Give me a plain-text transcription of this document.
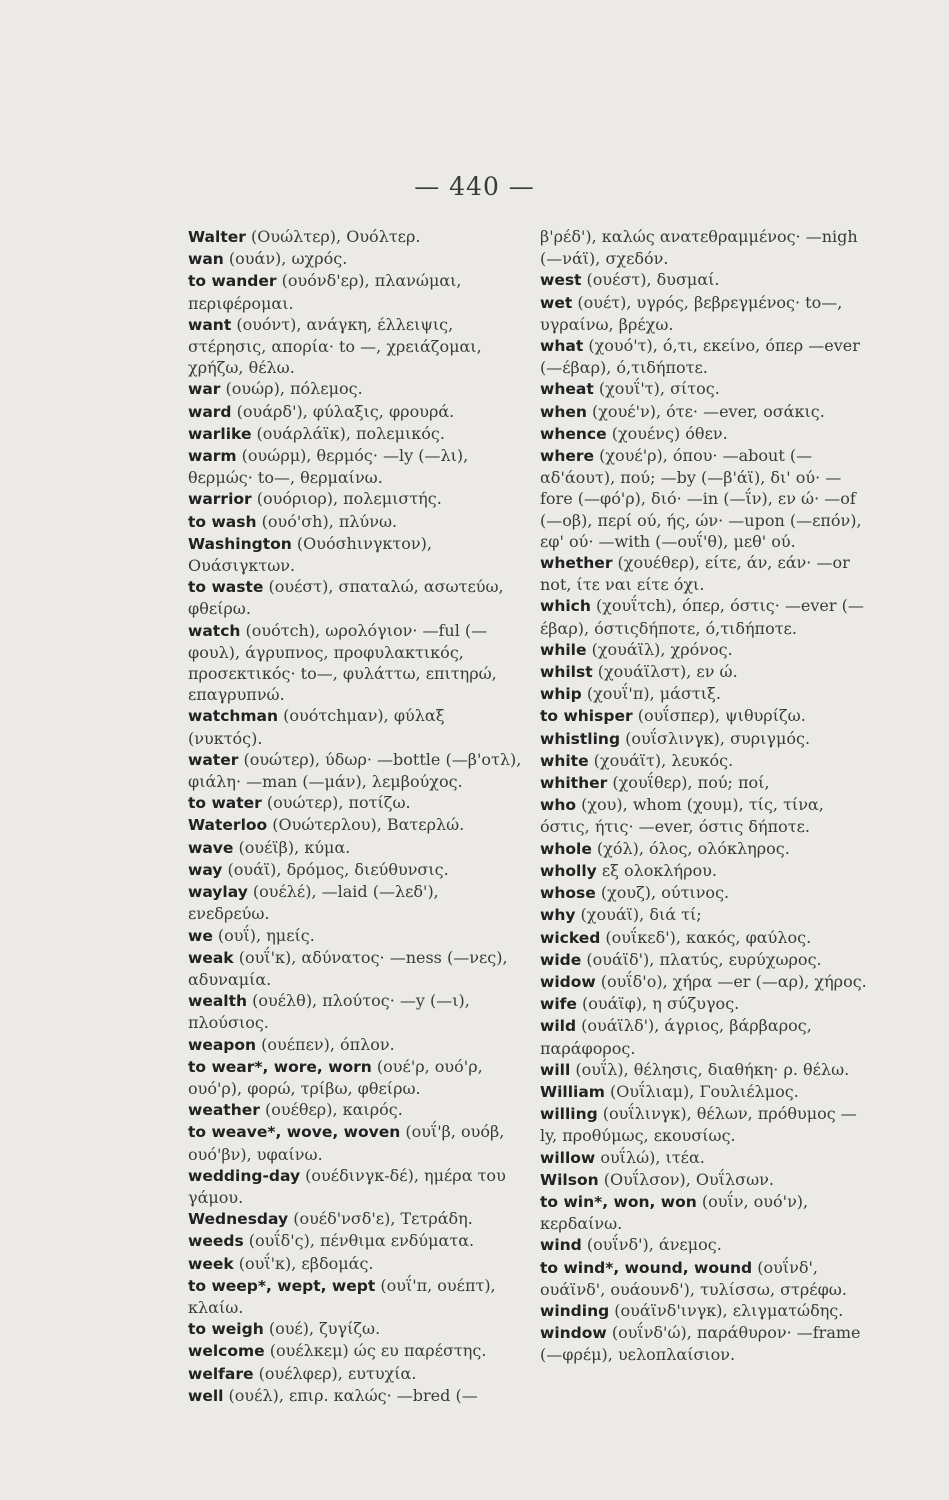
— 440 —

Walter (Ουώλτερ), Ουόλτερ.

wan (ουάν), ωχρός.

to wander (ουόνδ'ερ), πλανώμαι, περιφέρομαι.

want (ουόντ), ανάγκη, έλλειψις, στέρησις, απορία· to —, χρειάζομαι, χρήζω, θέλω.

war (ουώρ), πόλεμος.

ward (ουάρδ'), φύλαξις, φρουρά.

warlike (ουάρλάϊκ), πολεμικός.

warm (ουώρμ), θερμός· —ly (—λι), θερμώς· to—, θερμαίνω.

warrior (ουόριορ), πολεμιστής.

to wash (ουό'σh), πλύνω.

Washington (Ουόσhινγκτον), Ουάσιγκτων.

to waste (ουέστ), σπαταλώ, ασωτεύω, φθείρω.

watch (ουότch), ωρολόγιον· —ful (—φουλ), άγρυπνος, προφυλακτικός, προσεκτικός· to—, φυλάττω, επιτηρώ, επαγρυπνώ.

watchman (ουότchμαν), φύλαξ (νυκτός).

water (ουώτερ), ύδωρ· —bottle (—β'οτλ), φιάλη· —man (—μάν), λεμβούχος.

to water (ουώτερ), ποτίζω.

Waterloo (Ουώτερλου), Βατερλώ.

wave (ουέϊβ), κύμα.

way (ουάϊ), δρόμος, διεύθυνσις.

waylay (ουέλέ), —laid (—λεδ'), ενεδρεύω.

we (ουΐ), ημείς.

weak (ουΐ'κ), αδύνατος· —ness (—νες), αδυναμία.

wealth (ουέλθ), πλούτος· —y (—ι), πλούσιος.

weapon (ουέπεν), όπλον.

to wear*, wore, worn (ουέ'ρ, ουό'ρ, ουό'ρ), φορώ, τρίβω, φθείρω.

weather (ουέθερ), καιρός.

to weave*, wove, woven (ουΐ'β, ουόβ, ουό'βν), υφαίνω.

wedding-day (ουέδινγκ-δέ), ημέρα του γάμου.

Wednesday (ουέδ'νσδ'ε), Τετράδη.

weeds (ουΐδ'ς), πένθιμα ενδύματα.

week (ουΐ'κ), εβδομάς.

to weep*, wept, wept (ουΐ'π, ουέπτ), κλαίω.

to weigh (ουέ), ζυγίζω.

welcome (ουέλκεμ) ώς ευ παρέστης.

welfare (ουέλφερ), ευτυχία.

well (ουέλ), επιρ. καλώς· —bred (—

β'ρέδ'), καλώς ανατεθραμμένος· —nigh (—νάϊ), σχεδόν.

west (ουέστ), δυσμαί.

wet (ουέτ), υγρός, βεβρεγμένος· to—, υγραίνω, βρέχω.

what (χουό'τ), ό,τι, εκείνο, όπερ —ever (—έβαρ), ό,τιδήποτε.

wheat (χουΐ'τ), σίτος.

when (χουέ'ν), ότε· —ever, οσάκις.

whence (χουένς) όθεν.

where (χουέ'ρ), όπου· —about (—αδ'άουτ), πού; —by (—β'άϊ), δι' ού· —fore (—φό'ρ), διό· —in (—ΐν), εν ώ· —of (—οβ), περί ού, ής, ών· —upon (—επόν), εφ' ού· —with (—ουΐ'θ), μεθ' ού.

whether (χουέθερ), είτε, άν, εάν· —or not, ίτε ναι είτε όχι.

which (χουΐτch), όπερ, όστις· —ever (—έβαρ), όστιςδήποτε, ό,τιδήποτε.

while (χουάϊλ), χρόνος.

whilst (χουάϊλστ), εν ώ.

whip (χουΐ'π), μάστιξ.

to whisper (ουΐσπερ), ψιθυρίζω.

whistling (ουΐσλινγκ), συριγμός.

white (χουάϊτ), λευκός.

whither (χουΐθερ), πού; ποί,

who (χου), whom (χουμ), τίς, τίνα, όστις, ήτις· —ever, όστις δήποτε.

whole (χόλ), όλος, ολόκληρος.

wholly εξ ολοκλήρου.

whose (χουζ), ούτινος.

why (χουάϊ), διά τί;

wicked (ουΐκεδ'), κακός, φαύλος.

wide (ουάϊδ'), πλατύς, ευρύχωρος.

widow (ουΐδ'ο), χήρα —er (—αρ), χήρος.

wife (ουάϊφ), η σύζυγος.

wild (ουάϊλδ'), άγριος, βάρβαρος, παράφορος.

will (ουΐλ), θέλησις, διαθήκη· ρ. θέλω.

William (Ουΐλιαμ), Γουλιέλμος.

willing (ουΐλινγκ), θέλων, πρόθυμος —ly, προθύμως, εκουσίως.

willow ουΐλώ), ιτέα.

Wilson (Ουΐλσον), Ουΐλσων.

to win*, won, won (ουΐν, ουό'ν), κερδαίνω.

wind (ουΐνδ'), άνεμος.

to wind*, wound, wound (ουΐνδ', ουάϊνδ', ουάουνδ'), τυλίσσω, στρέφω.

winding (ουάϊνδ'ινγκ), ελιγματώδης.

window (ουΐνδ'ώ), παράθυρον· —frame (—φρέμ), υελοπλαίσιον.
